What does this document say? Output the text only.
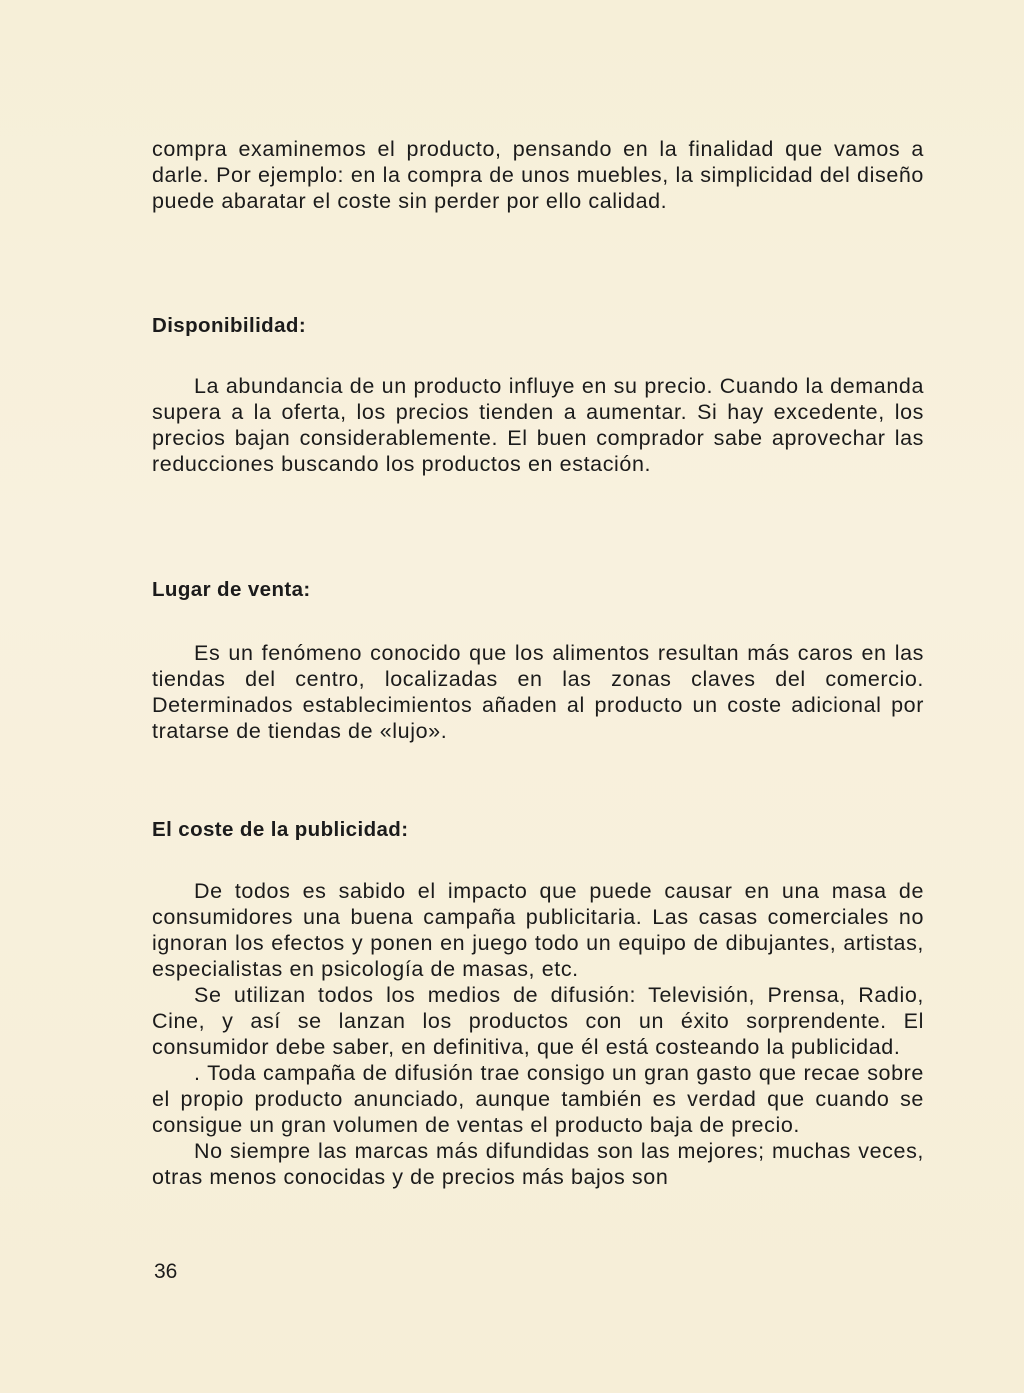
compra examinemos el producto, pensando en la finalidad que vamos a darle. Por ejemplo: en la compra de unos muebles, la simplicidad del diseño puede abaratar el coste sin perder por ello calidad.

Disponibilidad:

La abundancia de un producto influye en su precio. Cuando la demanda supera a la oferta, los precios tienden a aumentar. Si hay excedente, los precios bajan considerablemente. El buen comprador sabe aprovechar las reducciones buscando los productos en estación.

Lugar de venta:

Es un fenómeno conocido que los alimentos resultan más caros en las tiendas del centro, localizadas en las zonas claves del comercio. Determinados establecimientos añaden al producto un coste adicional por tratarse de tiendas de «lujo».

El coste de la publicidad:

De todos es sabido el impacto que puede causar en una masa de consumidores una buena campaña publicitaria. Las casas comerciales no ignoran los efectos y ponen en juego todo un equipo de dibujantes, artistas, especialistas en psicología de masas, etc.

Se utilizan todos los medios de difusión: Televisión, Prensa, Radio, Cine, y así se lanzan los productos con un éxito sorprendente. El consumidor debe saber, en definitiva, que él está costeando la publicidad.

. Toda campaña de difusión trae consigo un gran gasto que recae sobre el propio producto anunciado, aunque también es verdad que cuando se consigue un gran volumen de ventas el producto baja de precio.

No siempre las marcas más difundidas son las mejores; muchas veces, otras menos conocidas y de precios más bajos son

36
